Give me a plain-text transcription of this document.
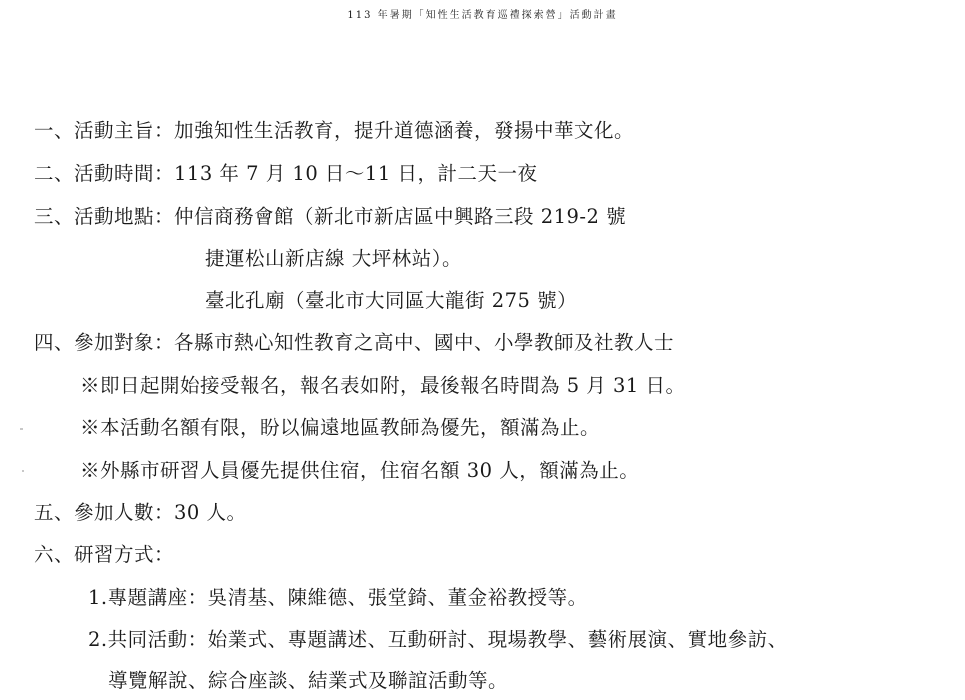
113 年暑期「知性生活教育巡禮探索營」活動計畫
一、活動主旨：加強知性生活教育，提升道德涵養，發揚中華文化。
二、活動時間：113 年 7 月 10 日～11 日，計二天一夜
三、活動地點：仲信商務會館（新北市新店區中興路三段 219-2 號
捷運松山新店線 大坪林站）。
臺北孔廟（臺北市大同區大龍街 275 號）
四、參加對象：各縣市熱心知性教育之高中、國中、小學教師及社教人士
※即日起開始接受報名，報名表如附，最後報名時間為 5 月 31 日。
※本活動名額有限，盼以偏遠地區教師為優先，額滿為止。
※外縣市研習人員優先提供住宿，住宿名額 30 人，額滿為止。
五、參加人數：30 人。
六、研習方式：
1.專題講座：吳清基、陳維德、張堂錡、董金裕教授等。
2.共同活動：始業式、專題講述、互動研討、現場教學、藝術展演、實地參訪、
導覽解說、綜合座談、結業式及聯誼活動等。
